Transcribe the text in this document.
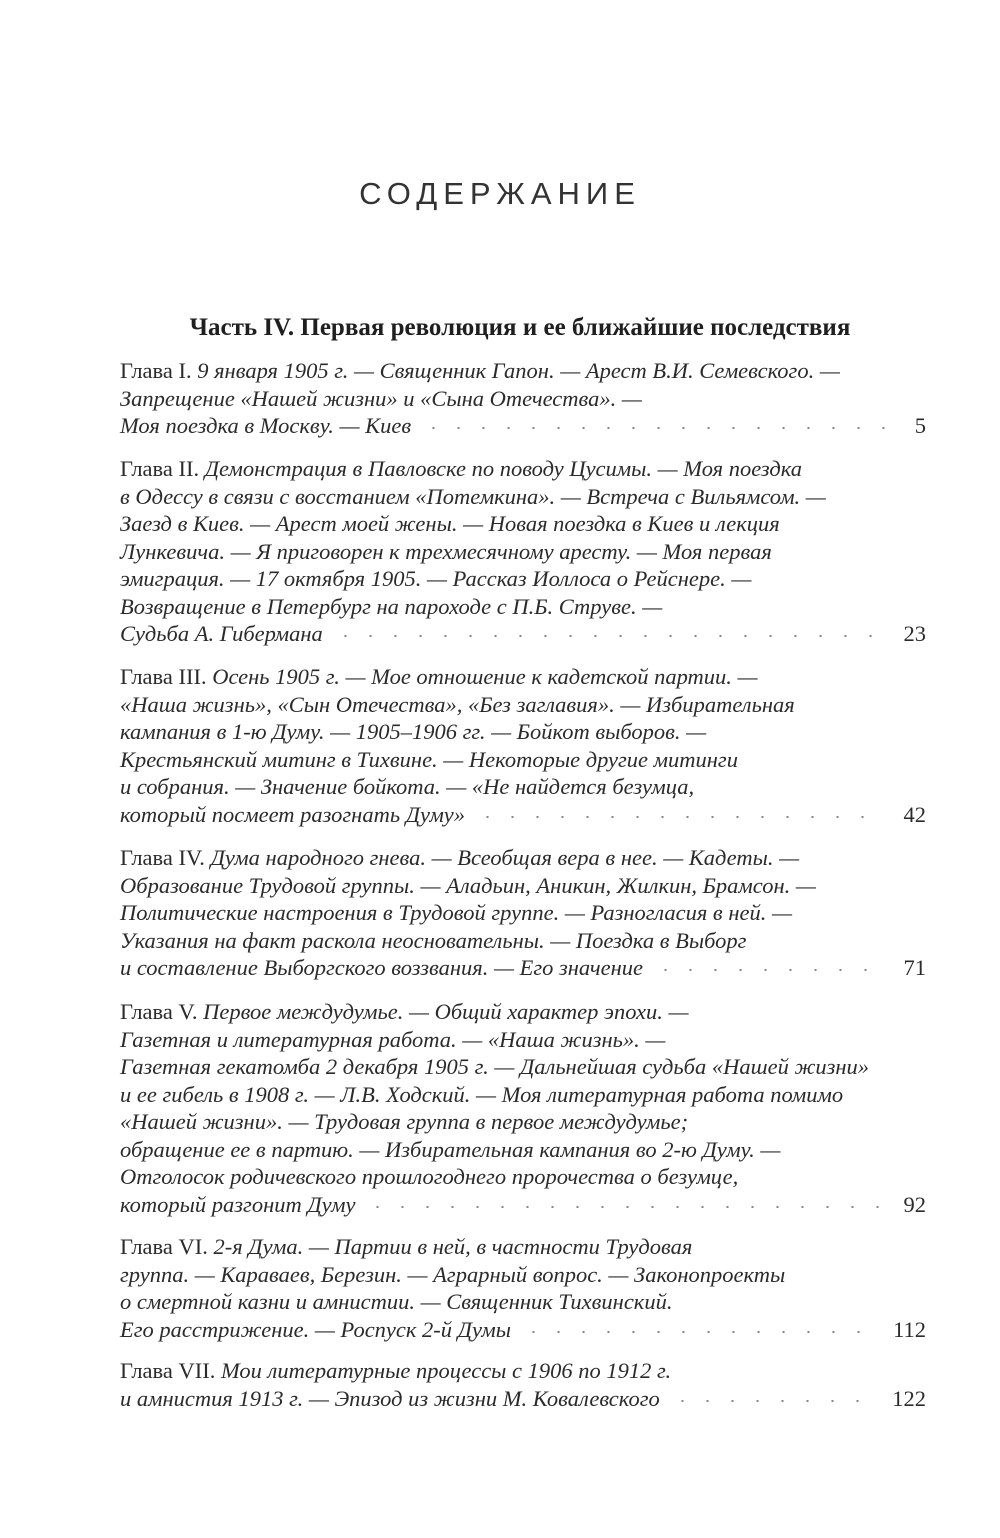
СОДЕРЖАНИЕ
Часть IV. Первая революция и ее ближайшие последствия
Глава I. 9 января 1905 г. — Священник Гапон. — Арест В.И. Семевского. —
Запрещение «Нашей жизни» и «Сына Отечества». —
Моя поездка в Москву. — Киев	5
Глава II. Демонстрация в Павловске по поводу Цусимы. — Моя поездка
в Одессу в связи с восстанием «Потемкина». — Встреча с Вильямсом. —
Заезд в Киев. — Арест моей жены. — Новая поездка в Киев и лекция
Лункевича. — Я приговорен к трехмесячному аресту. — Моя первая
эмиграция. — 17 октября 1905. — Рассказ Иоллоса о Рейснере. —
Возвращение в Петербург на пароходе с П.Б. Струве. —
Судьба А. Гибермана	23
Глава III. Осень 1905 г. — Мое отношение к кадетской партии. —
«Наша жизнь», «Сын Отечества», «Без заглавия». — Избирательная
кампания в 1-ю Думу. — 1905–1906 гг. — Бойкот выборов. —
Крестьянский митинг в Тихвине. — Некоторые другие митинги
и собрания. — Значение бойкота. — «Не найдется безумца,
который посмеет разогнать Думу»	42
Глава IV. Дума народного гнева. — Всеобщая вера в нее. — Кадеты. —
Образование Трудовой группы. — Аладьин, Аникин, Жилкин, Брамсон. —
Политические настроения в Трудовой группе. — Разногласия в ней. —
Указания на факт раскола неосновательны. — Поездка в Выборг
и составление Выборгского воззвания. — Его значение	71
Глава V. Первое междудумье. — Общий характер эпохи. —
Газетная и литературная работа. — «Наша жизнь». —
Газетная гекатомба 2 декабря 1905 г. — Дальнейшая судьба «Нашей жизни»
и ее гибель в 1908 г. — Л.В. Ходский. — Моя литературная работа помимо
«Нашей жизни». — Трудовая группа в первое междудумье;
обращение ее в партию. — Избирательная кампания во 2-ю Думу. —
Отголосок родичевского прошлогоднего пророчества о безумце,
который разгонит Думу	92
Глава VI. 2-я Дума. — Партии в ней, в частности Трудовая
группа. — Караваев, Березин. — Аграрный вопрос. — Законопроекты
о смертной казни и амнистии. — Священник Тихвинский.
Его расстрижение. — Роспуск 2-й Думы	112
Глава VII. Мои литературные процессы с 1906 по 1912 г.
и амнистия 1913 г. — Эпизод из жизни М. Ковалевского	122
